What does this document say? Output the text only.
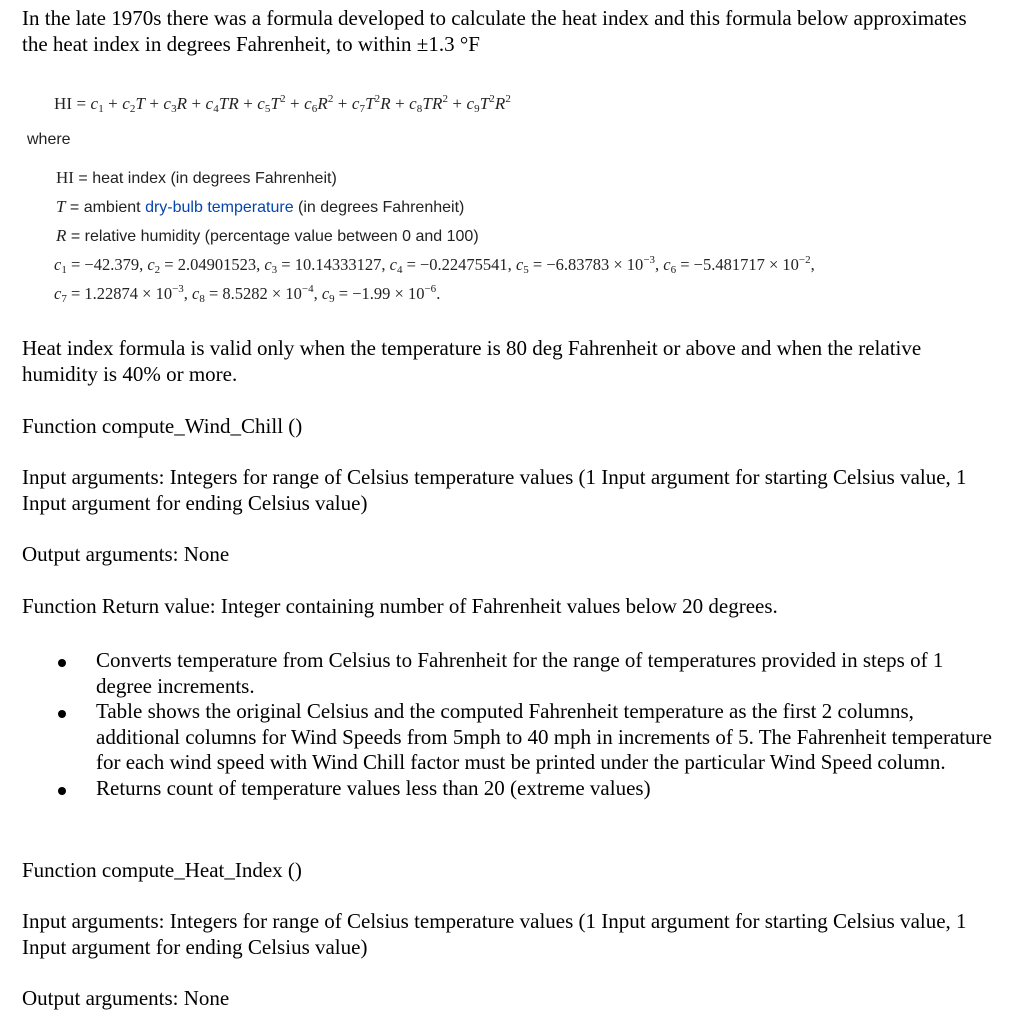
In the late 1970s there was a formula developed to calculate the heat index and this formula below approximates the heat index in degrees Fahrenheit, to within ±1.3 °F

HI = $c_1 + c_2T + c_3R + c_4TR + c_5T^2 + c_6R^2 + c_7T^2R + c_8TR^2 + c_9T^2R^2$
where
HI = heat index (in degrees Fahrenheit)
T = ambient dry-bulb temperature (in degrees Fahrenheit)
R = relative humidity (percentage value between 0 and 100)
$c_1 = -42.379$, $c_2 = 2.04901523$, $c_3 = 10.14333127$, $c_4 = -0.22475541$, $c_5 = -6.83783 \times 10^{-3}$, $c_6 = -5.481717 \times 10^{-2}$,
$c_7 = 1.22874 \times 10^{-3}$, $c_8 = 8.5282 \times 10^{-4}$, $c_9 = -1.99 \times 10^{-6}$.
Heat index formula is valid only when the temperature is 80 deg Fahrenheit or above and when the relative humidity is 40% or more.
Function compute_Wind_Chill ()
Input arguments: Integers for range of Celsius temperature values (1 Input argument for starting Celsius value, 1 Input argument for ending Celsius value)
Output arguments: None
Function Return value: Integer containing number of Fahrenheit values below 20 degrees.
Converts temperature from Celsius to Fahrenheit for the range of temperatures provided in steps of 1 degree increments.
Table shows the original Celsius and the computed Fahrenheit temperature as the first 2 columns, additional columns for Wind Speeds from 5mph to 40 mph in increments of 5. The Fahrenheit temperature for each wind speed with Wind Chill factor must be printed under the particular Wind Speed column.
Returns count of temperature values less than 20 (extreme values)
Function compute_Heat_Index ()
Input arguments: Integers for range of Celsius temperature values (1 Input argument for starting Celsius value, 1 Input argument for ending Celsius value)
Output arguments: None
